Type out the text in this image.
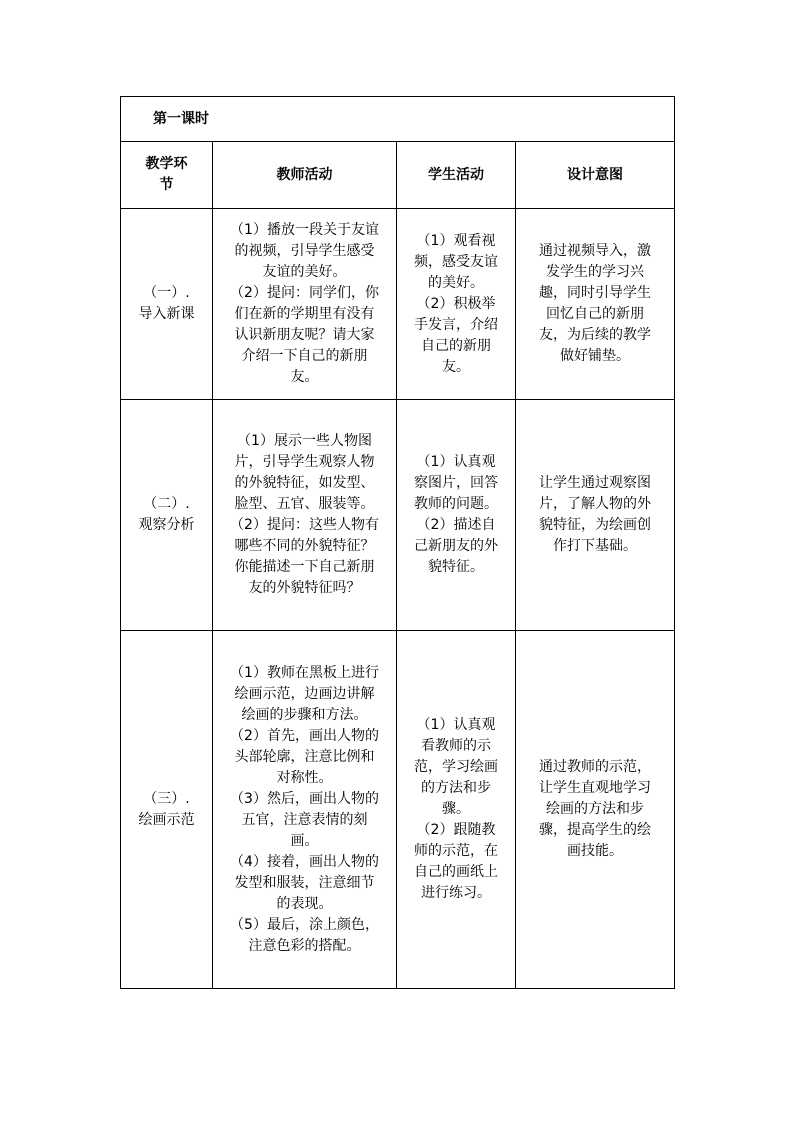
第一课时			

教学环节	教师活动	学生活动	设计意图

（一）. 导入新课	（1）播放一段关于友谊的视频，引导学生感受友谊的美好。
（2）提问：同学们，你们在新的学期里有没有认识新朋友呢？请大家介绍一下自己的新朋友。	（1）观看视频，感受友谊的美好。
（2）积极举手发言，介绍自己的新朋友。	通过视频导入，激发学生的学习兴趣，同时引导学生回忆自己的新朋友，为后续的教学做好铺垫。

（二）. 观察分析	（1）展示一些人物图片，引导学生观察人物的外貌特征，如发型、脸型、五官、服装等。
（2）提问：这些人物有哪些不同的外貌特征？你能描述一下自己新朋友的外貌特征吗？	（1）认真观察图片，回答教师的问题。
（2）描述自己新朋友的外貌特征。	让学生通过观察图片，了解人物的外貌特征，为绘画创作打下基础。

（三）. 绘画示范	（1）教师在黑板上进行绘画示范，边画边讲解绘画的步骤和方法。
（2）首先，画出人物的头部轮廓，注意比例和对称性。
（3）然后，画出人物的五官，注意表情的刻画。
（4）接着，画出人物的发型和服装，注意细节的表现。
（5）最后，涂上颜色，注意色彩的搭配。	（1）认真观看教师的示范，学习绘画的方法和步骤。
（2）跟随教师的示范，在自己的画纸上进行练习。	通过教师的示范，让学生直观地学习绘画的方法和步骤，提高学生的绘画技能。
